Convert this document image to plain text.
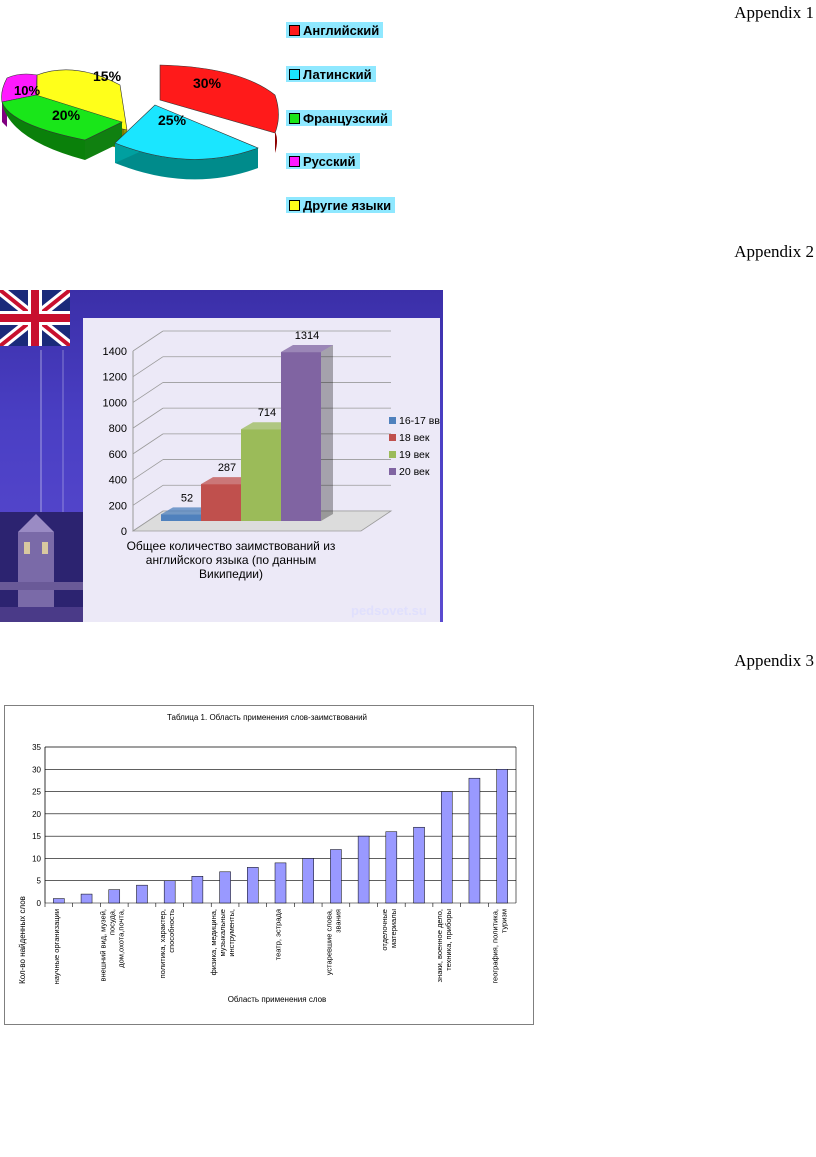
Appendix 1
Appendix 2
Appendix 3
30%
25%
20%
10%
15%
Английский
Латинский
Французский
Русский
Другие языки
0
200
400
600
800
1000
1200
1400
52
287
714
1314
Общее количество заимствований из
английского языка (по данным
Википедии)
16-17 вв
18 век
19 век
20 век
pedsovet.su
Таблица 1. Область применения слов-заимствований
0
5
10
15
20
25
30
35
научные организации	внешний вид, музей, посуда, дом,охота,почта,	политика, характер, способность	физика, медицина, музыкальные инструменты,	театр, эстрада	устаревшие слова, звания	отделочные материалы	знаки, военное дело, техника, приборы	география, политика, туризм
Кол-во найденных слов
Область применения слов
